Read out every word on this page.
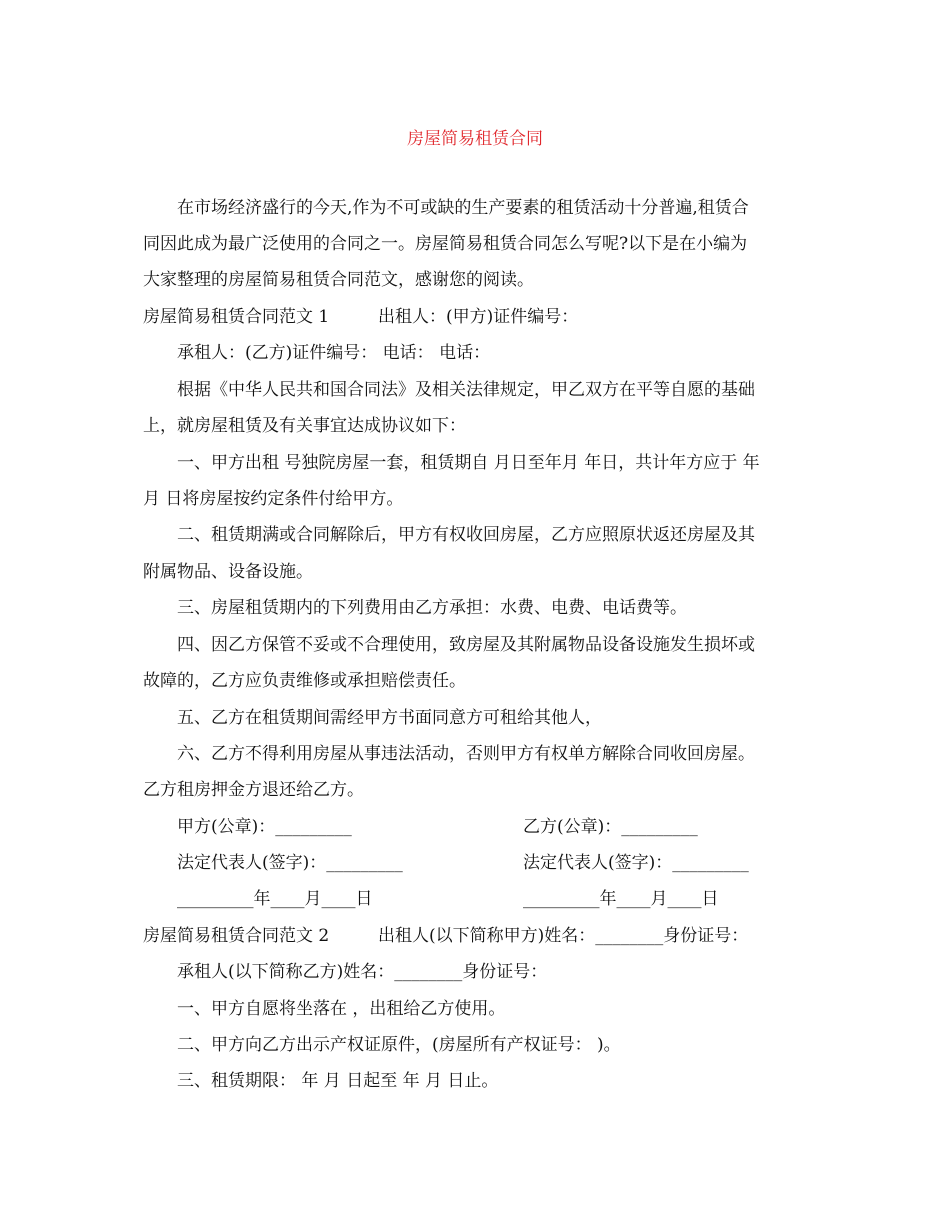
房屋简易租赁合同
在市场经济盛行的今天,作为不可或缺的生产要素的租赁活动十分普遍,租赁合
同因此成为最广泛使用的合同之一。房屋简易租赁合同怎么写呢?以下是在小编为
大家整理的房屋简易租赁合同范文，感谢您的阅读。
房屋简易租赁合同范文 1	出租人：(甲方)证件编号：
承租人：(乙方)证件编号： 电话： 电话：
根据《中华人民共和国合同法》及相关法律规定，甲乙双方在平等自愿的基础
上，就房屋租赁及有关事宜达成协议如下：
一、甲方出租 号独院房屋一套，租赁期自 月日至年月 年日，共计年方应于 年
月 日将房屋按约定条件付给甲方。
二、租赁期满或合同解除后，甲方有权收回房屋，乙方应照原状返还房屋及其
附属物品、设备设施。
三、房屋租赁期内的下列费用由乙方承担：水费、电费、电话费等。
四、因乙方保管不妥或不合理使用，致房屋及其附属物品设备设施发生损坏或
故障的，乙方应负责维修或承担赔偿责任。
五、乙方在租赁期间需经甲方书面同意方可租给其他人，
六、乙方不得利用房屋从事违法活动，否则甲方有权单方解除合同收回房屋。
乙方租房押金方退还给乙方。
甲方(公章)：_________	乙方(公章)：_________
法定代表人(签字)：_________	法定代表人(签字)：_________
_________年____月____日	_________年____月____日
房屋简易租赁合同范文 2	出租人(以下简称甲方)姓名：________身份证号：
承租人(以下简称乙方)姓名：________身份证号：
一、甲方自愿将坐落在 ，出租给乙方使用。
二、甲方向乙方出示产权证原件，(房屋所有产权证号： )。
三、租赁期限： 年 月 日起至 年 月 日止。
